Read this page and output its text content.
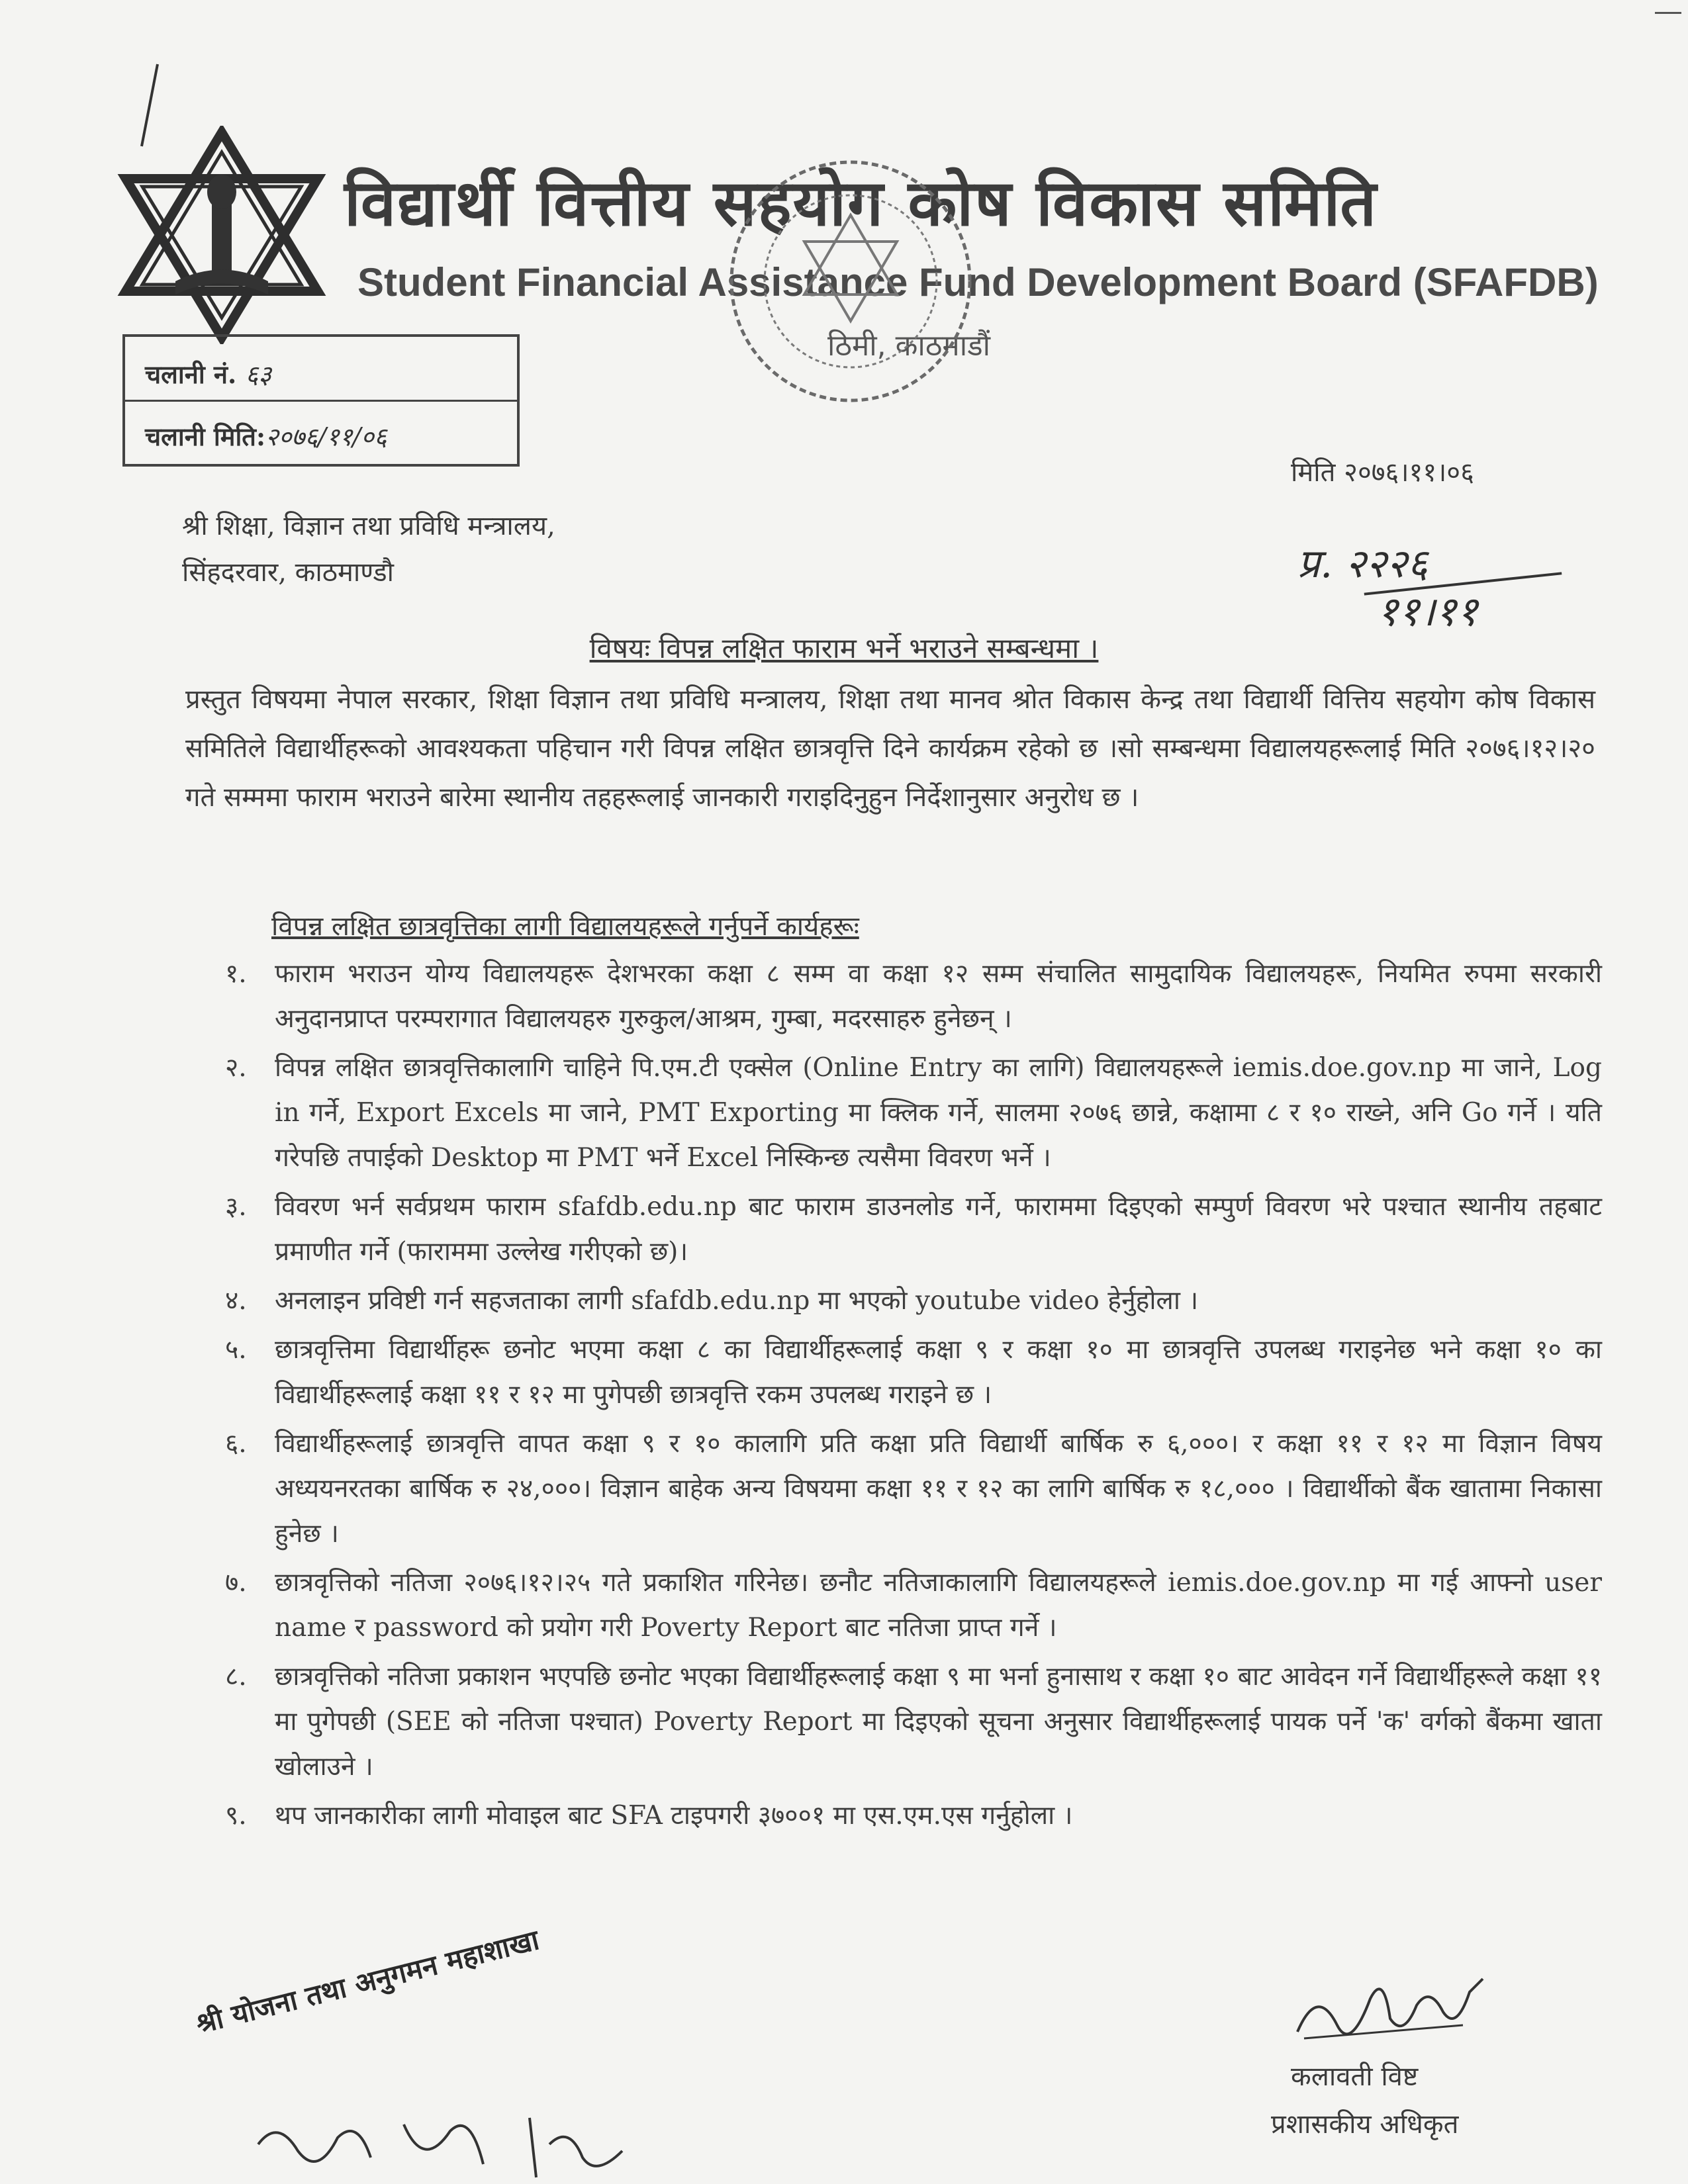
विद्यार्थी वित्तीय सहयोग कोष विकास समिति
Student Financial Assistance Fund Development Board (SFAFDB)
ठिमी, काठमाडौं
चलानी नं. ६३
चलानी मिति:२०७६/११/०६
मिति २०७६।११।०६
प्र. २२२६
११।११
श्री शिक्षा, विज्ञान तथा प्रविधि मन्त्रालय,
सिंहदरवार, काठमाण्डौ
विषयः विपन्न लक्षित फाराम भर्ने भराउने सम्बन्धमा ।
प्रस्तुत विषयमा नेपाल सरकार, शिक्षा विज्ञान तथा प्रविधि मन्त्रालय, शिक्षा तथा मानव श्रोत विकास केन्द्र तथा विद्यार्थी वित्तिय सहयोग कोष विकास समितिले विद्यार्थीहरूको आवश्यकता पहिचान गरी विपन्न लक्षित छात्रवृत्ति दिने कार्यक्रम रहेको छ ।सो सम्बन्धमा विद्यालयहरूलाई मिति २०७६।१२।२० गते सम्ममा फाराम भराउने बारेमा स्थानीय तहहरूलाई जानकारी गराइदिनुहुन निर्देशानुसार अनुरोध छ ।
विपन्न लक्षित छात्रवृत्तिका लागी विद्यालयहरूले गर्नुपर्ने कार्यहरूः
१. फाराम भराउन योग्य विद्यालयहरू देशभरका कक्षा ८ सम्म वा कक्षा १२ सम्म संचालित सामुदायिक विद्यालयहरू, नियमित रुपमा सरकारी अनुदानप्राप्त परम्परागात विद्यालयहरु गुरुकुल/आश्रम, गुम्बा, मदरसाहरु हुनेछन् ।
२. विपन्न लक्षित छात्रवृत्तिकालागि चाहिने पि.एम.टी एक्सेल (Online Entry का लागि) विद्यालयहरूले iemis.doe.gov.np मा जाने, Log in गर्ने, Export Excels मा जाने, PMT Exporting मा क्लिक गर्ने, सालमा २०७६ छान्ने, कक्षामा ८ र १० राख्ने, अनि Go गर्ने । यति गरेपछि तपाईको Desktop मा PMT भर्ने Excel निस्किन्छ त्यसैमा विवरण भर्ने ।
३. विवरण भर्न सर्वप्रथम फाराम sfafdb.edu.np बाट फाराम डाउनलोड गर्ने, फाराममा दिइएको सम्पुर्ण विवरण भरे पश्चात स्थानीय तहबाट प्रमाणीत गर्ने (फाराममा उल्लेख गरीएको छ)।
४. अनलाइन प्रविष्टी गर्न सहजताका लागी sfafdb.edu.np मा भएको youtube video हेर्नुहोला ।
५. छात्रवृत्तिमा विद्यार्थीहरू छनोट भएमा कक्षा ८ का विद्यार्थीहरूलाई कक्षा ९ र कक्षा १० मा छात्रवृत्ति उपलब्ध गराइनेछ भने कक्षा १० का विद्यार्थीहरूलाई कक्षा ११ र १२ मा पुगेपछी छात्रवृत्ति रकम उपलब्ध गराइने छ ।
६. विद्यार्थीहरूलाई छात्रवृत्ति वापत कक्षा ९ र १० कालागि प्रति कक्षा प्रति विद्यार्थी बार्षिक रु ६,०००। र कक्षा ११ र १२ मा विज्ञान विषय अध्ययनरतका बार्षिक रु २४,०००। विज्ञान बाहेक अन्य विषयमा कक्षा ११ र १२ का लागि बार्षिक रु १८,००० । विद्यार्थीको बैंक खातामा निकासा हुनेछ ।
७. छात्रवृत्तिको नतिजा २०७६।१२।२५ गते प्रकाशित गरिनेछ। छनौट नतिजाकालागि विद्यालयहरूले iemis.doe.gov.np मा गई आफ्नो user name र password को प्रयोग गरी Poverty Report बाट नतिजा प्राप्त गर्ने ।
८. छात्रवृत्तिको नतिजा प्रकाशन भएपछि छनोट भएका विद्यार्थीहरूलाई कक्षा ९ मा भर्ना हुनासाथ र कक्षा १० बाट आवेदन गर्ने विद्यार्थीहरूले कक्षा ११ मा पुगेपछी (SEE को नतिजा पश्चात) Poverty Report मा दिइएको सूचना अनुसार विद्यार्थीहरूलाई पायक पर्ने 'क' वर्गको बैंकमा खाता खोलाउने ।
९. थप जानकारीका लागी मोवाइल बाट SFA टाइपगरी ३७००१ मा एस.एम.एस गर्नुहोला ।
कलावती विष्ट
प्रशासकीय अधिकृत
श्री योजना तथा अनुगमन महाशाखा
